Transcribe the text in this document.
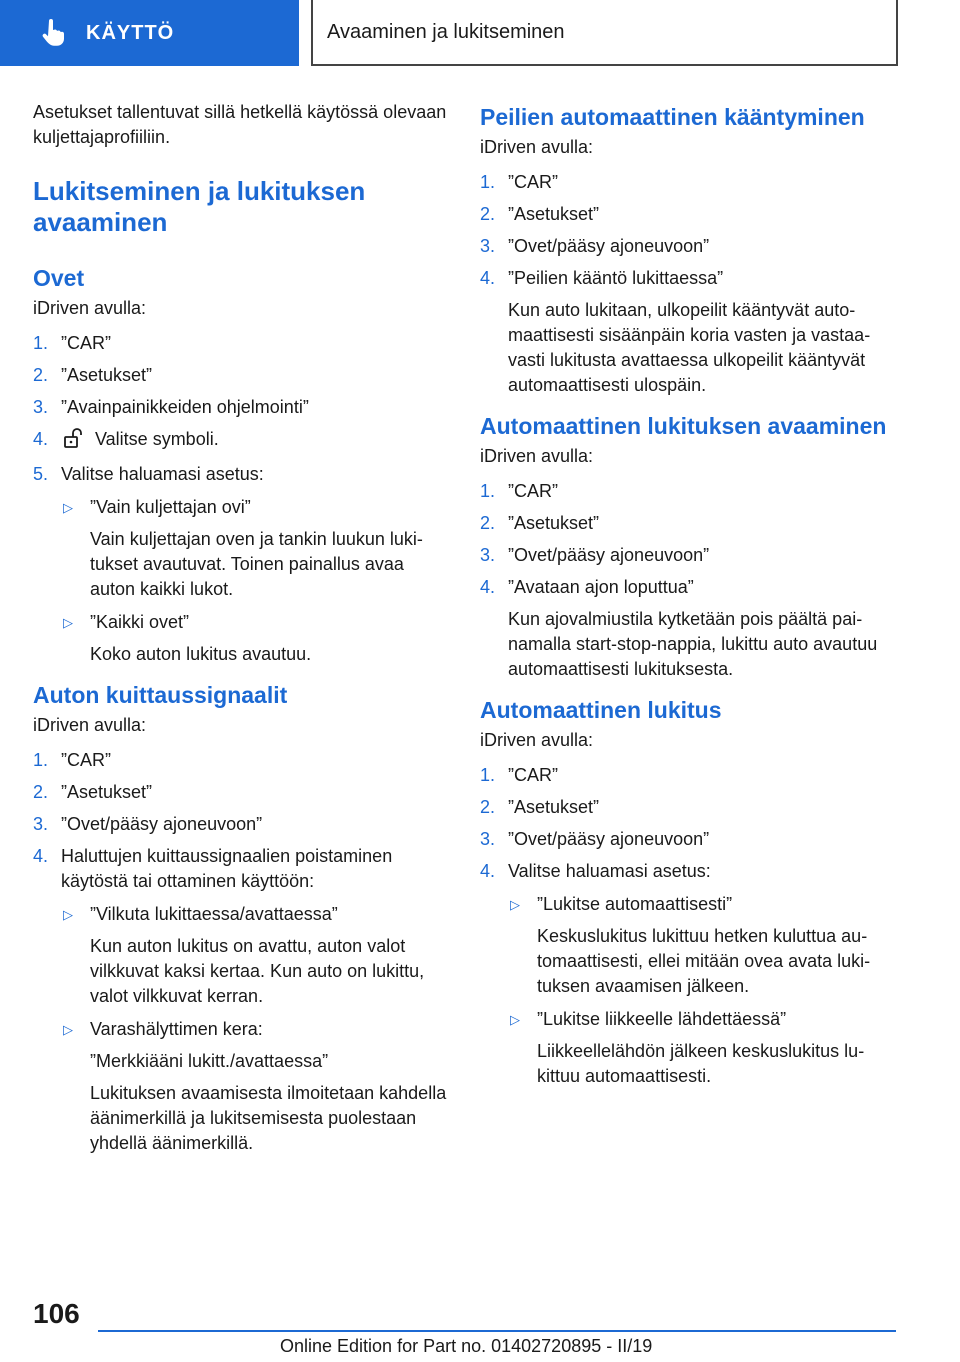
KÄYTTÖ	Avaaminen ja lukitseminen

Asetukset tallentuvat sillä hetkellä käytössä olevaan kuljettajaprofiiliin.

Lukitseminen ja lukituksen avaaminen
Ovet

iDriven avulla:

1. ”CAR”
2. ”Asetukset”
3. ”Avainpainikkeiden ohjelmointi”
4.	Valitse symboli.
5. Valitse haluamasi asetus:
▷ ”Vain kuljettajan ovi”

Vain kuljettajan oven ja tankin luukun lukitukset avautuvat. Toinen painallus avaa auton kaikki lukot.

▷ ”Kaikki ovet”

Koko auton lukitus avautuu.

Auton kuittaussignaalit

iDriven avulla:

1. ”CAR”
2. ”Asetukset”
3. ”Ovet/pääsy ajoneuvoon”
4. Haluttujen kuittaussignaalien poistaminen käytöstä tai ottaminen käyttöön:
▷ ”Vilkuta lukittaessa/avattaessa”

Kun auton lukitus on avattu, auton valot vilkkuvat kaksi kertaa. Kun auto on lukittu, valot vilkkuvat kerran.

▷ Varashälyttimen kera:

”Merkkiääni lukitt./avattaessa”

Lukituksen avaamisesta ilmoitetaan kahdella äänimerkillä ja lukitsemisesta puolestaan yhdellä äänimerkillä.

Peilien automaattinen kääntyminen

iDriven avulla:

1. ”CAR”
2. ”Asetukset”
3. ”Ovet/pääsy ajoneuvoon”
4. ”Peilien kääntö lukittaessa”

Kun auto lukitaan, ulkopeilit kääntyvät automaattisesti sisäänpäin koria vasten ja vastaavasti lukitusta avattaessa ulkopeilit kääntyvät automaattisesti ulospäin.

Automaattinen lukituksen avaaminen

iDriven avulla:

1. ”CAR”
2. ”Asetukset”
3. ”Ovet/pääsy ajoneuvoon”
4. ”Avataan ajon loputtua”

Kun ajovalmiustila kytketään pois päältä painamalla start-stop-nappia, lukittu auto avautuu automaattisesti lukituksesta.

Automaattinen lukitus

iDriven avulla:

1. ”CAR”
2. ”Asetukset”
3. ”Ovet/pääsy ajoneuvoon”
4. Valitse haluamasi asetus:
▷ ”Lukitse automaattisesti”

Keskuslukitus lukittuu hetken kuluttua automaattisesti, ellei mitään ovea avata lukituksen avaamisen jälkeen.

▷ ”Lukitse liikkeelle lähdettäessä”

Liikkeellelähdön jälkeen keskuslukitus lukittuu automaattisesti.

106
Online Edition for Part no. 01402720895 - II/19
